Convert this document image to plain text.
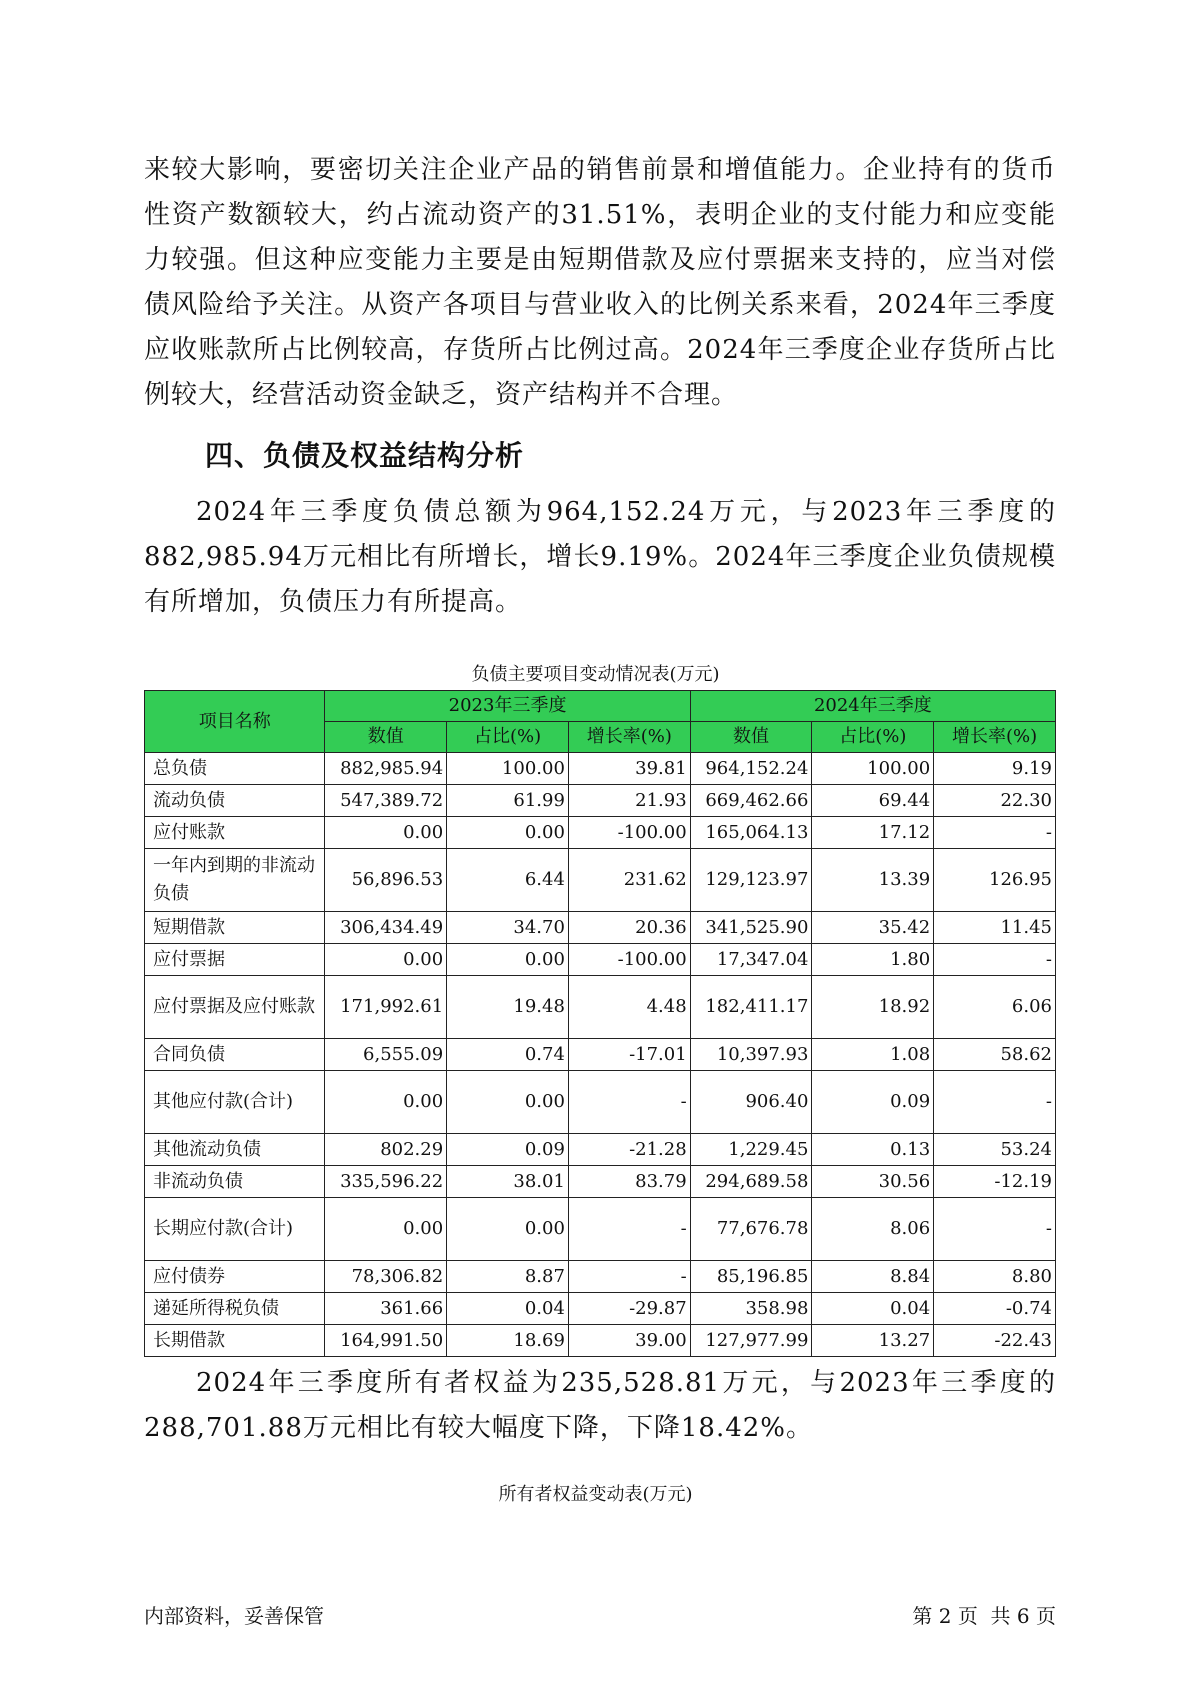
来较大影响，要密切关注企业产品的销售前景和增值能力。企业持有的货币性资产数额较大，约占流动资产的31.51%，表明企业的支付能力和应变能力较强。但这种应变能力主要是由短期借款及应付票据来支持的，应当对偿债风险给予关注。从资产各项目与营业收入的比例关系来看，2024年三季度应收账款所占比例较高，存货所占比例过高。2024年三季度企业存货所占比例较大，经营活动资金缺乏，资产结构并不合理。

四、负债及权益结构分析

2024年三季度负债总额为964,152.24万元，与2023年三季度的882,985.94万元相比有所增长，增长9.19%。2024年三季度企业负债规模有所增加，负债压力有所提高。

负债主要项目变动情况表(万元)
项目名称	2023年三季度			2024年三季度		
	数值	占比(%)	增长率(%)	数值	占比(%)	增长率(%)
总负债	882,985.94	100.00	39.81	964,152.24	100.00	9.19
流动负债	547,389.72	61.99	21.93	669,462.66	69.44	22.30
应付账款	0.00	0.00	-100.00	165,064.13	17.12	-
一年内到期的非流动负债	56,896.53	6.44	231.62	129,123.97	13.39	126.95
短期借款	306,434.49	34.70	20.36	341,525.90	35.42	11.45
应付票据	0.00	0.00	-100.00	17,347.04	1.80	-
应付票据及应付账款	171,992.61	19.48	4.48	182,411.17	18.92	6.06
合同负债	6,555.09	0.74	-17.01	10,397.93	1.08	58.62
其他应付款(合计)	0.00	0.00	-	906.40	0.09	-
其他流动负债	802.29	0.09	-21.28	1,229.45	0.13	53.24
非流动负债	335,596.22	38.01	83.79	294,689.58	30.56	-12.19
长期应付款(合计)	0.00	0.00	-	77,676.78	8.06	-
应付债券	78,306.82	8.87	-	85,196.85	8.84	8.80
递延所得税负债	361.66	0.04	-29.87	358.98	0.04	-0.74
长期借款	164,991.50	18.69	39.00	127,977.99	13.27	-22.43

2024年三季度所有者权益为235,528.81万元，与2023年三季度的288,701.88万元相比有较大幅度下降，下降18.42%。

所有者权益变动表(万元)
内部资料，妥善保管	第 2 页  共 6 页
